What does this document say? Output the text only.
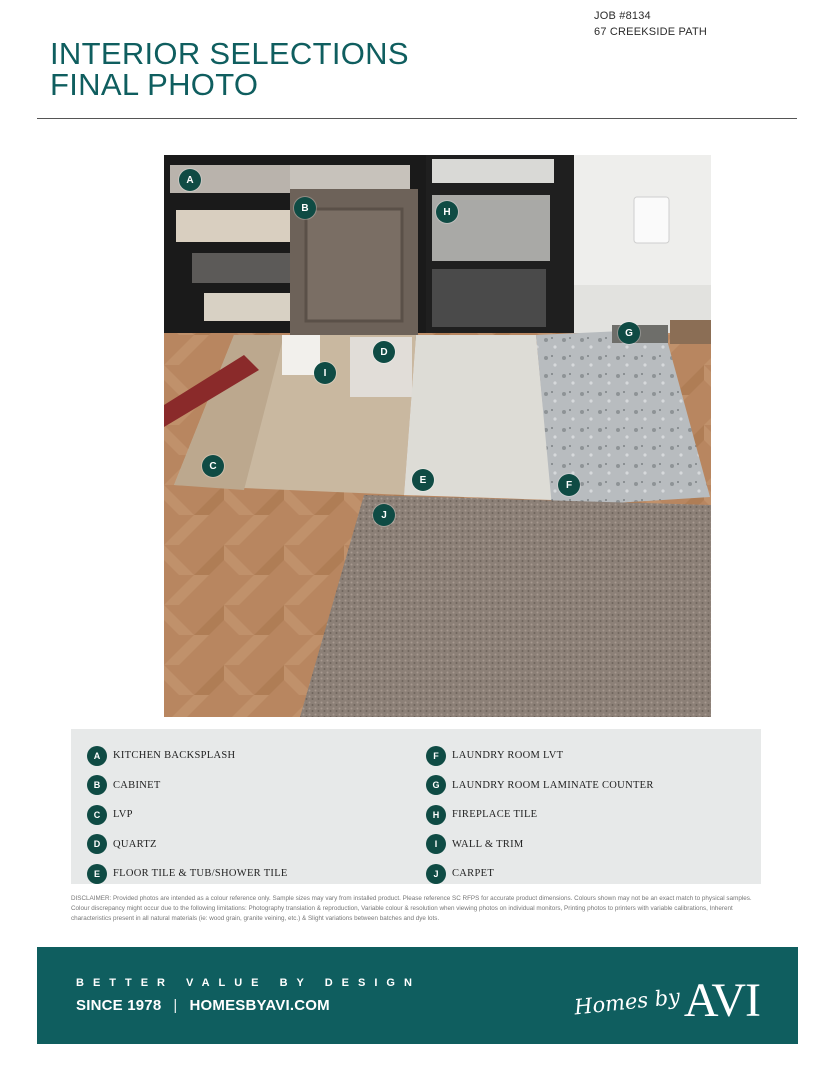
JOB #8134
67 CREEKSIDE PATH
INTERIOR SELECTIONS
FINAL PHOTO
A
B
C
D
E	F
G
H
I
J
A	KITCHEN BACKSPLASH
B	CABINET
C	LVP
D	QUARTZ
E	FLOOR TILE & TUB/SHOWER TILE
F	LAUNDRY ROOM LVT
G	LAUNDRY ROOM LAMINATE COUNTER
H	FIREPLACE TILE
I	WALL & TRIM
J	CARPET
DISCLAIMER: Provided photos are intended as a colour reference only. Sample sizes may vary from installed product. Please reference SC RFPS for accurate product dimensions. Colours shown may not be an exact match to physical samples. Colour discrepancy might occur due to the following limitations: Photography translation & reproduction, Variable colour & resolution when viewing photos on individual monitors, Printing photos to printers with variable calibrations, Inherent characteristics present in all natural materials (ie: wood grain, granite veining, etc.) & Slight variations between batches and dye lots.
BETTER VALUE BY DESIGN
SINCE 1978 | HOMESBYAVI.COM	Homes by AVI
